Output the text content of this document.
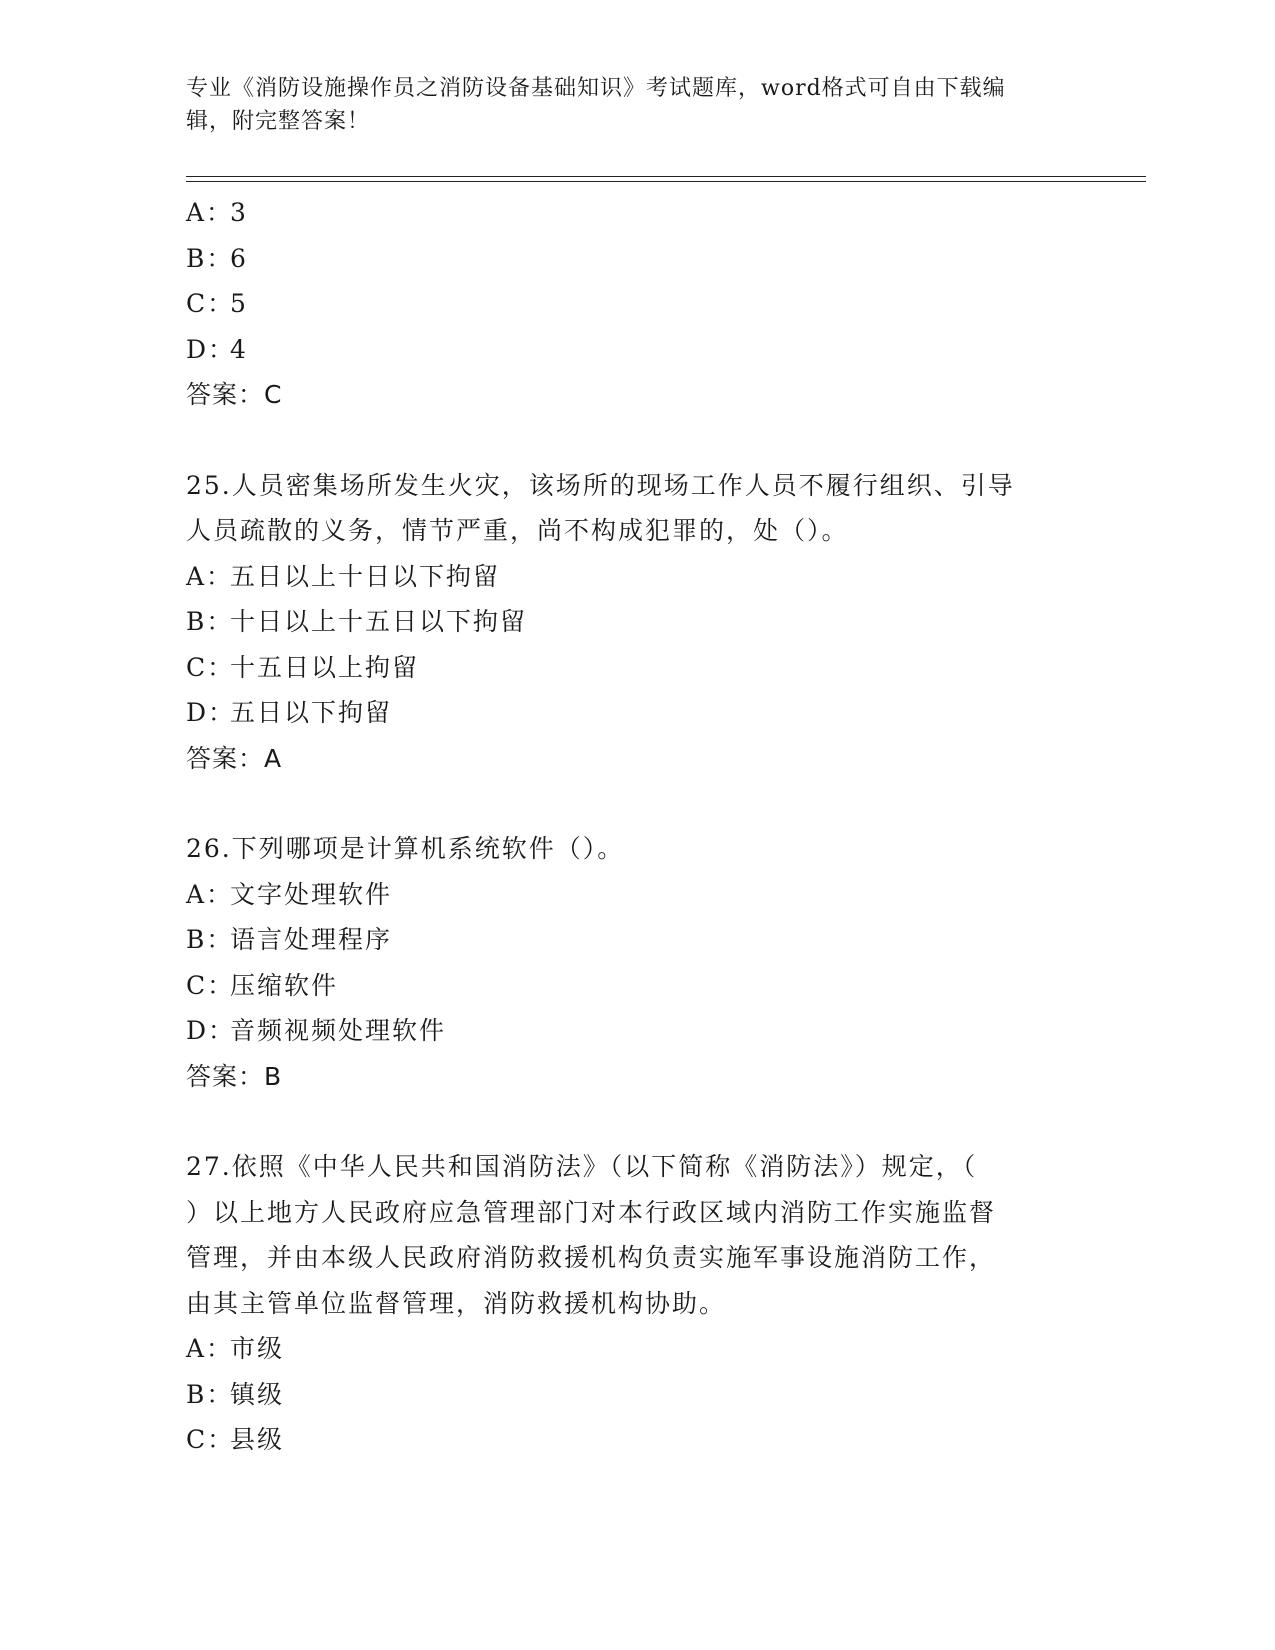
专业《消防设施操作员之消防设备基础知识》考试题库，word格式可自由下载编
辑，附完整答案！
A：3
B：6
C：5
D：4
答案：C
25.人员密集场所发生火灾，该场所的现场工作人员不履行组织、引导
人员疏散的义务，情节严重，尚不构成犯罪的，处（）。
A：五日以上十日以下拘留
B：十日以上十五日以下拘留
C：十五日以上拘留
D：五日以下拘留
答案：A
26.下列哪项是计算机系统软件（）。
A：文字处理软件
B：语言处理程序
C：压缩软件
D：音频视频处理软件
答案：B
27.依照《中华人民共和国消防法》（以下简称《消防法》）规定，（
）以上地方人民政府应急管理部门对本行政区域内消防工作实施监督
管理，并由本级人民政府消防救援机构负责实施军事设施消防工作，
由其主管单位监督管理，消防救援机构协助。
A：市级
B：镇级
C：县级
